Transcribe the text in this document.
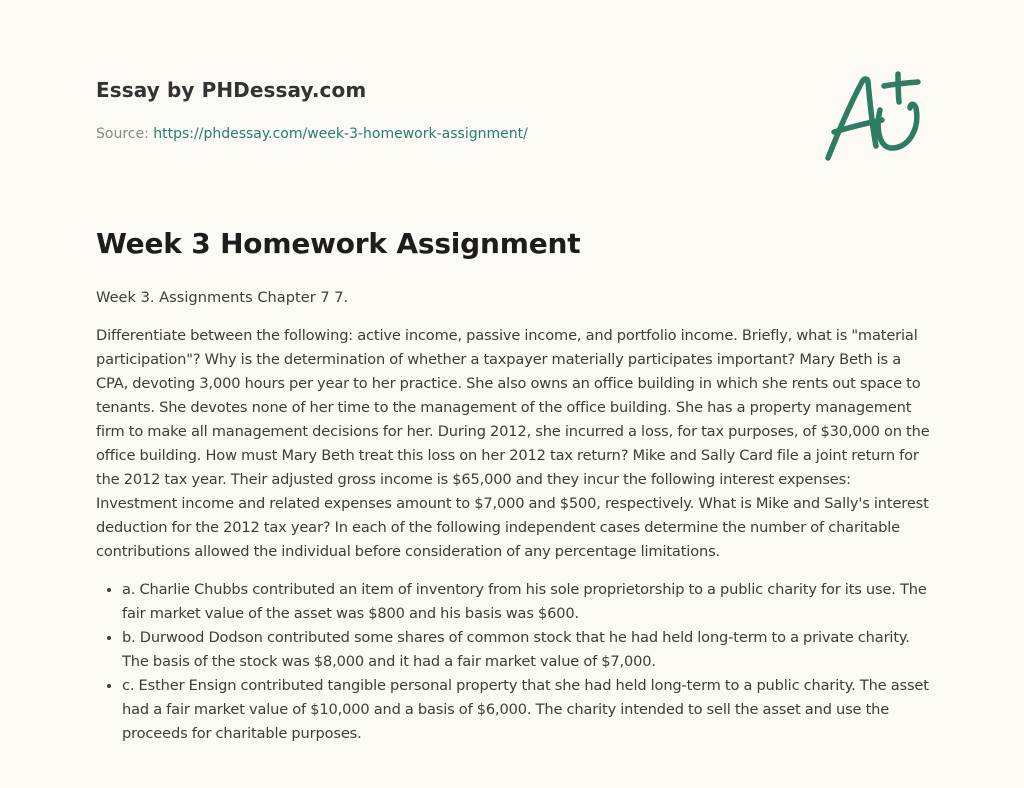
Essay by PHDessay.com
Source: https://phdessay.com/week-3-homework-assignment/
Week 3 Homework Assignment

Week 3. Assignments Chapter 7 7.

Differentiate between the following: active income, passive income, and portfolio income. Briefly, what is "material participation"? Why is the determination of whether a taxpayer materially participates important? Mary Beth is a CPA, devoting 3,000 hours per year to her practice. She also owns an office building in which she rents out space to tenants. She devotes none of her time to the management of the office building. She has a property management firm to make all management decisions for her. During 2012, she incurred a loss, for tax purposes, of $30,000 on the office building. How must Mary Beth treat this loss on her 2012 tax return? Mike and Sally Card file a joint return for the 2012 tax year. Their adjusted gross income is $65,000 and they incur the following interest expenses: Investment income and related expenses amount to $7,000 and $500, respectively. What is Mike and Sally's interest deduction for the 2012 tax year? In each of the following independent cases determine the number of charitable contributions allowed the individual before consideration of any percentage limitations.

• a. Charlie Chubbs contributed an item of inventory from his sole proprietorship to a public charity for its use. The fair market value of the asset was $800 and his basis was $600.
• b. Durwood Dodson contributed some shares of common stock that he had held long-term to a private charity. The basis of the stock was $8,000 and it had a fair market value of $7,000.
• c. Esther Ensign contributed tangible personal property that she had held long-term to a public charity. The asset had a fair market value of $10,000 and a basis of $6,000. The charity intended to sell the asset and use the proceeds for charitable purposes.
